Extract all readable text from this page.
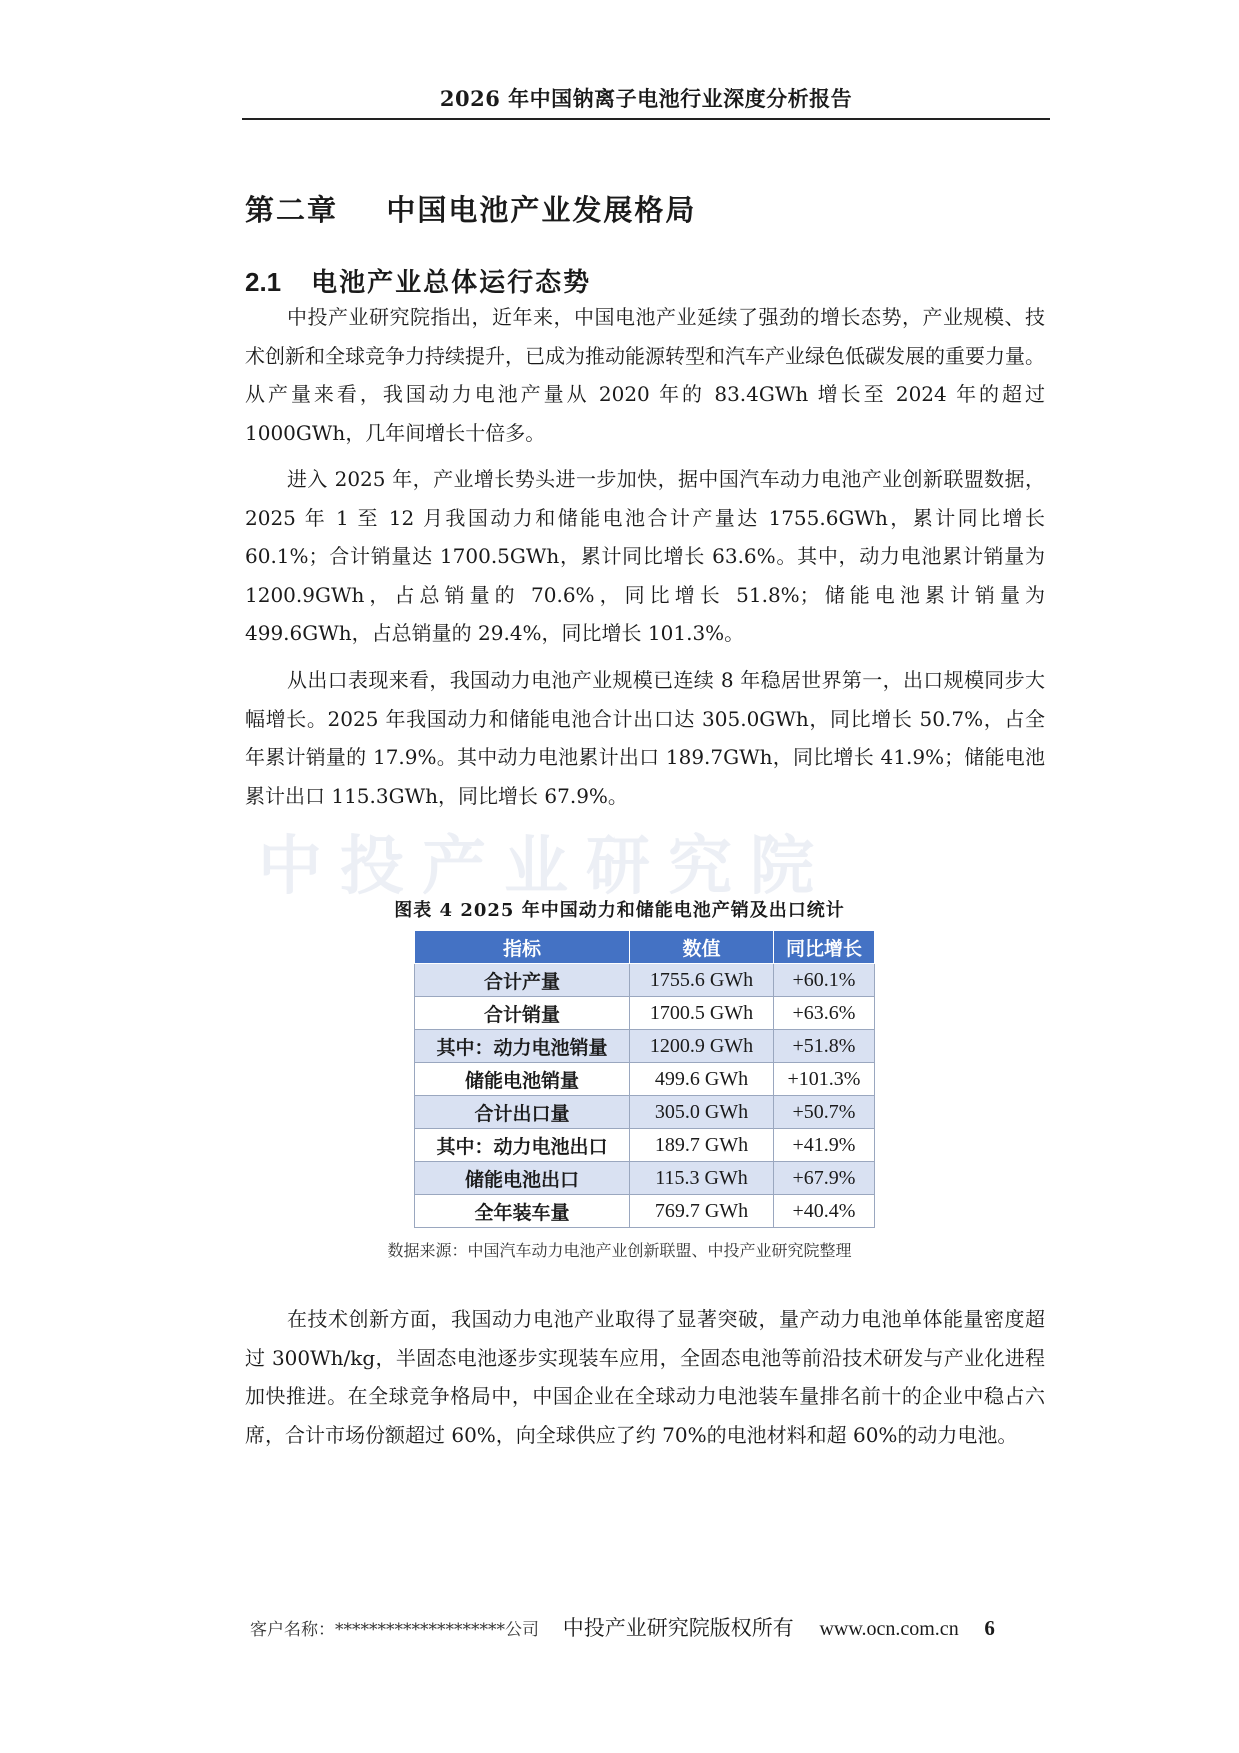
2026 年中国钠离子电池行业深度分析报告
第二章    中国电池产业发展格局
2.1 电池产业总体运行态势

中投产业研究院指出，近年来，中国电池产业延续了强劲的增长态势，产业规模、技术创新和全球竞争力持续提升，已成为推动能源转型和汽车产业绿色低碳发展的重要力量。从产量来看，我国动力电池产量从 2020 年的 83.4GWh 增长至 2024 年的超过 1000GWh，几年间增长十倍多。

进入 2025 年，产业增长势头进一步加快，据中国汽车动力电池产业创新联盟数据，2025 年 1 至 12 月我国动力和储能电池合计产量达 1755.6GWh，累计同比增长 60.1%；合计销量达 1700.5GWh，累计同比增长 63.6%。其中，动力电池累计销量为 1200.9GWh，占总销量的 70.6%，同比增长 51.8%；储能电池累计销量为 499.6GWh，占总销量的 29.4%，同比增长 101.3%。

从出口表现来看，我国动力电池产业规模已连续 8 年稳居世界第一，出口规模同步大幅增长。2025 年我国动力和储能电池合计出口达 305.0GWh，同比增长 50.7%，占全年累计销量的 17.9%。其中动力电池累计出口 189.7GWh，同比增长 41.9%；储能电池累计出口 115.3GWh，同比增长 67.9%。

中投产业研究院
图表 4 2025 年中国动力和储能电池产销及出口统计
指标	数值	同比增长
合计产量	1755.6 GWh	+60.1%
合计销量	1700.5 GWh	+63.6%
其中：动力电池销量	1200.9 GWh	+51.8%
储能电池销量	499.6 GWh	+101.3%
合计出口量	305.0 GWh	+50.7%
其中：动力电池出口	189.7 GWh	+41.9%
储能电池出口	115.3 GWh	+67.9%
全年装车量	769.7 GWh	+40.4%
数据来源：中国汽车动力电池产业创新联盟、中投产业研究院整理

在技术创新方面，我国动力电池产业取得了显著突破，量产动力电池单体能量密度超过 300Wh/kg，半固态电池逐步实现装车应用，全固态电池等前沿技术研发与产业化进程加快推进。在全球竞争格局中，中国企业在全球动力电池装车量排名前十的企业中稳占六席，合计市场份额超过 60%，向全球供应了约 70%的电池材料和超 60%的动力电池。

客户名称：********************公司 中投产业研究院版权所有 www.ocn.com.cn 6
